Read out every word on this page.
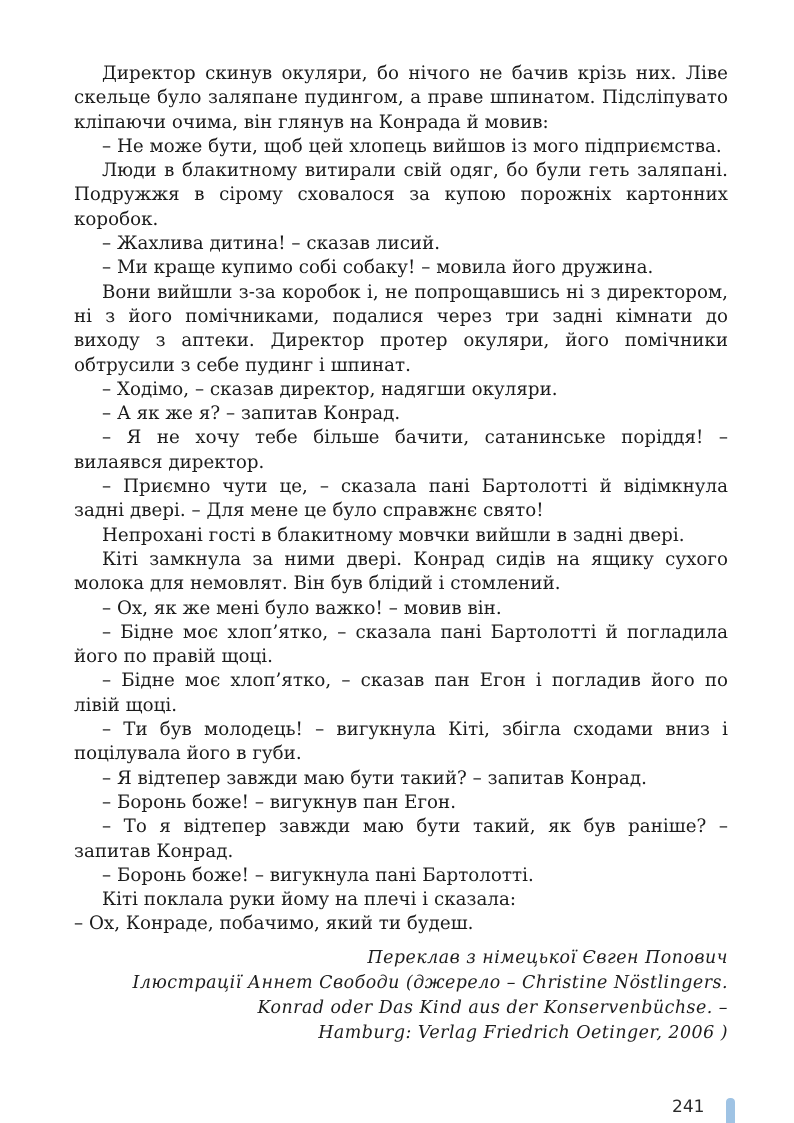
Директор скинув окуляри, бо нічого не бачив крізь них. Ліве скельце було заляпане пудингом, а праве шпинатом. Підсліпувато кліпаючи очима, він глянув на Конрада й мовив:

– Не може бути, щоб цей хлопець вийшов із мого підприємства.

Люди в блакитному витирали свій одяг, бо були геть заляпані. Подружжя в сірому сховалося за купою порожніх картонних коробок.

– Жахлива дитина! – сказав лисий.

– Ми краще купимо собі собаку! – мовила його дружина.

Вони вийшли з-за коробок і, не попрощавшись ні з директором, ні з його помічниками, подалися через три задні кімнати до виходу з аптеки. Директор протер окуляри, його помічники обтрусили з себе пудинг і шпинат.

– Ходімо, – сказав директор, надягши окуляри.

– А як же я? – запитав Конрад.

– Я не хочу тебе більше бачити, сатанинське поріддя! – вилаявся директор.

– Приємно чути це, – сказала пані Бартолотті й відімкнула задні двері. – Для мене це було справжнє свято!

Непрохані гості в блакитному мовчки вийшли в задні двері.

Кіті замкнула за ними двері. Конрад сидів на ящику сухого молока для немовлят. Він був блідий і стомлений.

– Ох, як же мені було важко! – мовив він.

– Бідне моє хлоп’ятко, – сказала пані Бартолотті й погладила його по правій щоці.

– Бідне моє хлоп’ятко, – сказав пан Егон і погладив його по лівій щоці.

– Ти був молодець! – вигукнула Кіті, збігла сходами вниз і поцілувала його в губи.

– Я відтепер завжди маю бути такий? – запитав Конрад.

– Боронь боже! – вигукнув пан Егон.

– То я відтепер завжди маю бути такий, як був раніше? – запитав Конрад.

– Боронь боже! – вигукнула пані Бартолотті.

Кіті поклала руки йому на плечі і сказала:

– Ох, Конраде, побачимо, який ти будеш.

Переклав з німецької Євген Попович
Ілюстрації Аннет Свободи (джерело – Christine Nöstlingers.
Konrad oder Das Kind aus der Konservenbüchse. –
Hamburg: Verlag Friedrich Oetinger, 2006 )
241
